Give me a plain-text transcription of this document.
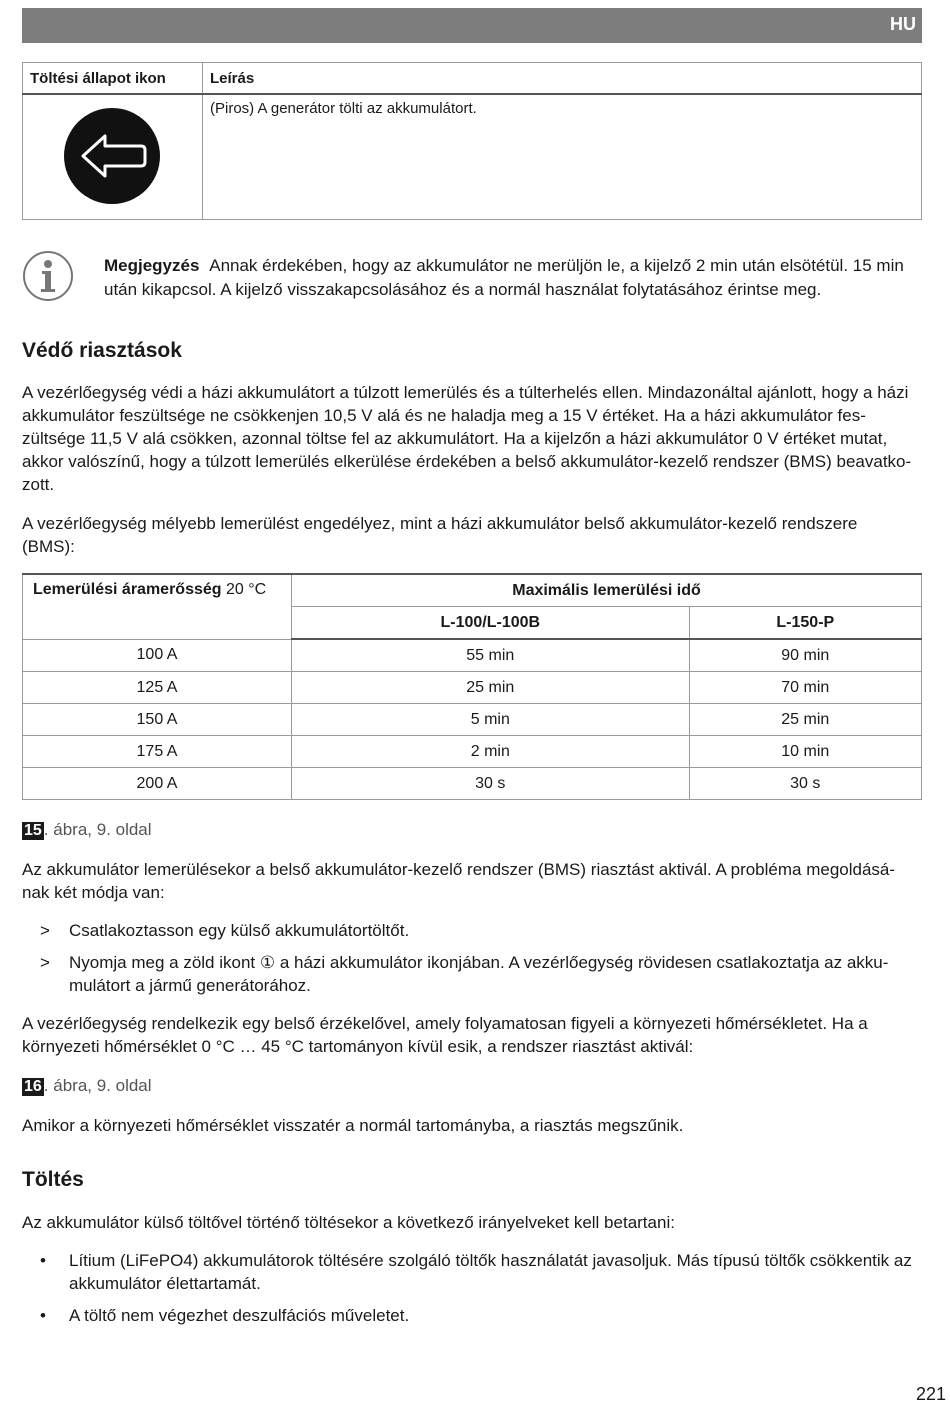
HU
Töltési állapot ikon	Leírás

	(Piros) A generátor tölti az akkumulátort.
Megjegyzés Annak érdekében, hogy az akkumulátor ne merüljön le, a kijelző 2 min után elsötétül. 15 min után kikapcsol. A kijelző visszakapcsolásához és a normál használat folytatásához érintse meg.
Védő riasztások

A vezérlőegység védi a házi akkumulátort a túlzott lemerülés és a túlterhelés ellen. Mindazonáltal ajánlott, hogy a házi akkumulátor feszültsége ne csökkenjen 10,5 V alá és ne haladja meg a 15 V értéket. Ha a házi akkumulátor feszültsége 11,5 V alá csökken, azonnal töltse fel az akkumulátort. Ha a kijelzőn a házi akkumulátor 0 V értéket mutat, akkor valószínű, hogy a túlzott lemerülés elkerülése érdekében a belső akkumulátor-kezelő rendszer (BMS) beavatkozott.

A vezérlőegység mélyebb lemerülést engedélyez, mint a házi akkumulátor belső akkumulátor-kezelő rendszere (BMS):

Lemerülési áramerősség 20 °C	Maximális lemerülési idő	
	L-100/L-100B	L-150-P
100 A	55 min	90 min
125 A	25 min	70 min
150 A	5 min	25 min
175 A	2 min	10 min
200 A	30 s	30 s
15 . ábra, 9. oldal

Az akkumulátor lemerülésekor a belső akkumulátor-kezelő rendszer (BMS) riasztást aktivál. A probléma megoldásának két módja van:

> Csatlakoztasson egy külső akkumulátortöltőt.
> Nyomja meg a zöld ikont ① a házi akkumulátor ikonjában. A vezérlőegység rövidesen csatlakoztatja az akkumulátort a jármű generátorához.

A vezérlőegység rendelkezik egy belső érzékelővel, amely folyamatosan figyeli a környezeti hőmérsékletet. Ha a környezeti hőmérséklet 0 °C … 45 °C tartományon kívül esik, a rendszer riasztást aktivál:

16 . ábra, 9. oldal

Amikor a környezeti hőmérséklet visszatér a normál tartományba, a riasztás megszűnik.

Töltés

Az akkumulátor külső töltővel történő töltésekor a következő irányelveket kell betartani:

• Lítium (LiFePO4) akkumulátorok töltésére szolgáló töltők használatát javasoljuk. Más típusú töltők csökkentik az akkumulátor élettartamát.
• A töltő nem végezhet deszulfációs műveletet.
221
